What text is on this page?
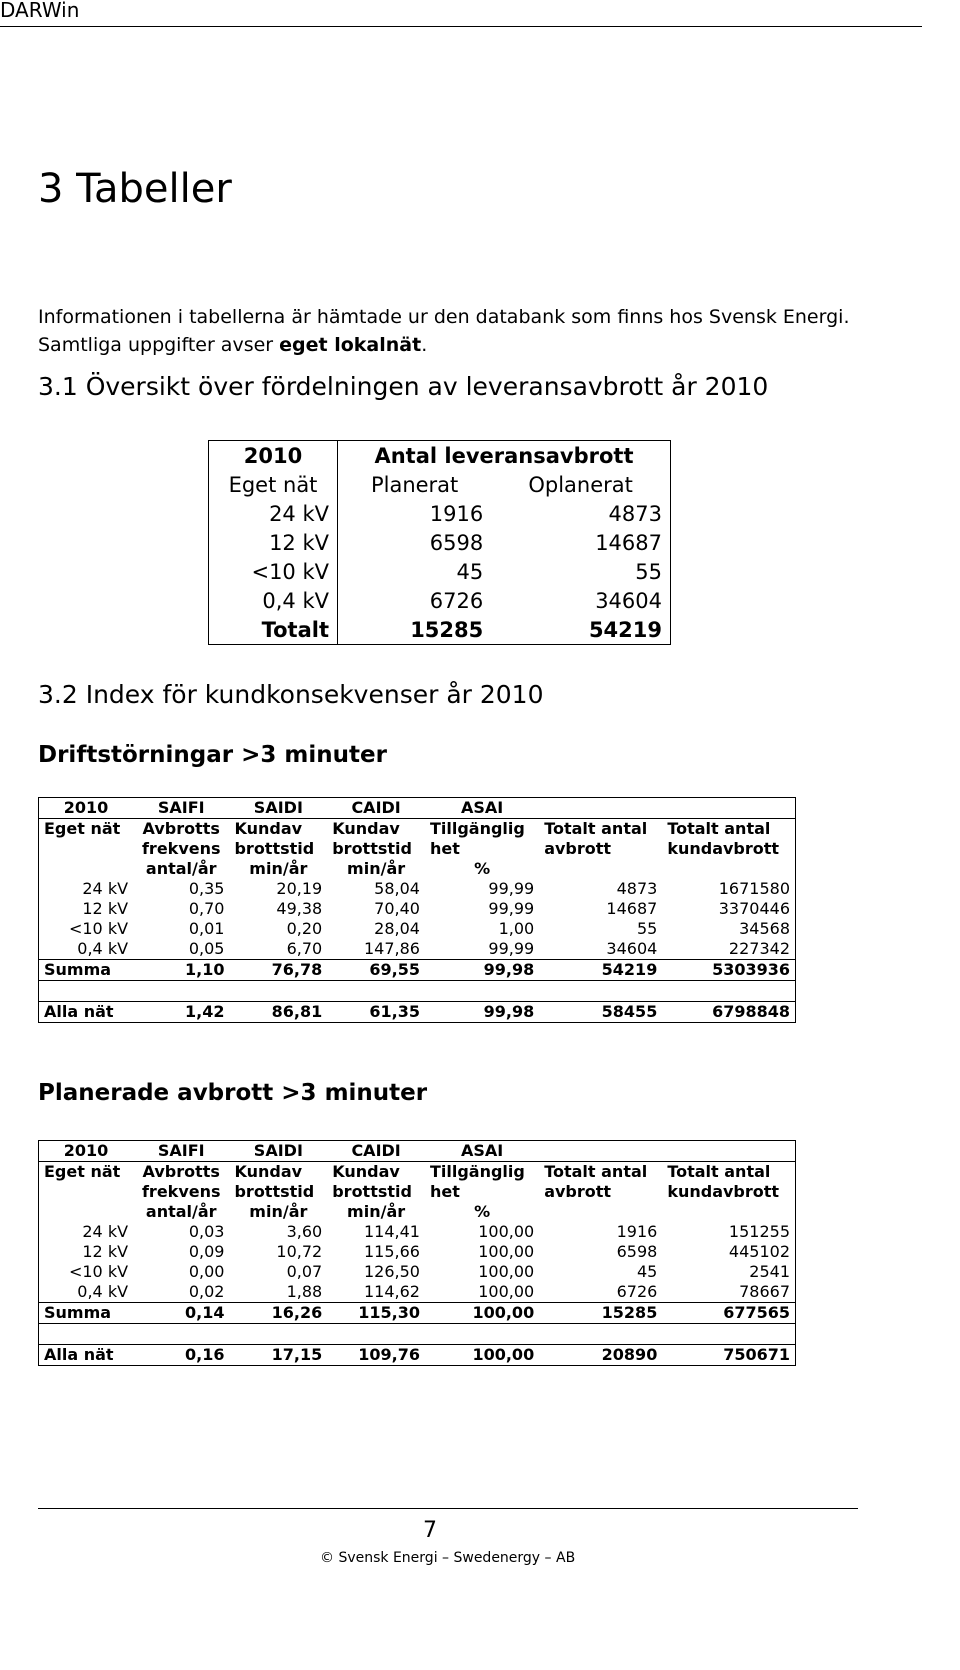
DARWin
3 Tabeller
Informationen i tabellerna är hämtade ur den databank som finns hos Svensk Energi.
Samtliga uppgifter avser eget lokalnät.
3.1 Översikt över fördelningen av leveransavbrott år 2010
2010	Antal leveransavbrott	
Eget nät	Planerat	Oplanerat
24 kV	1916	4873
12 kV	6598	14687
<10 kV	45	55
0,4 kV	6726	34604
Totalt	15285	54219
3.2 Index för kundkonsekvenser år 2010
Driftstörningar >3 minuter
2010	SAIFI	SAIDI	CAIDI	ASAI		
Eget nät	Avbrotts	Kundav	Kundav	Tillgänglig	Totalt antal	Totalt antal
	frekvens	brottstid	brottstid	het	avbrott	kundavbrott
	antal/år	min/år	min/år	%		
24 kV	0,35	20,19	58,04	99,99	4873	1671580
12 kV	0,70	49,38	70,40	99,99	14687	3370446
<10 kV	0,01	0,20	28,04	1,00	55	34568
0,4 kV	0,05	6,70	147,86	99,99	34604	227342
Summa	1,10	76,78	69,55	99,98	54219	5303936

Alla nät	1,42	86,81	61,35	99,98	58455	6798848
Planerade avbrott >3 minuter
2010	SAIFI	SAIDI	CAIDI	ASAI		
Eget nät	Avbrotts	Kundav	Kundav	Tillgänglig	Totalt antal	Totalt antal
	frekvens	brottstid	brottstid	het	avbrott	kundavbrott
	antal/år	min/år	min/år	%		
24 kV	0,03	3,60	114,41	100,00	1916	151255
12 kV	0,09	10,72	115,66	100,00	6598	445102
<10 kV	0,00	0,07	126,50	100,00	45	2541
0,4 kV	0,02	1,88	114,62	100,00	6726	78667
Summa	0,14	16,26	115,30	100,00	15285	677565

Alla nät	0,16	17,15	109,76	100,00	20890	750671
7
© Svensk Energi – Swedenergy – AB
